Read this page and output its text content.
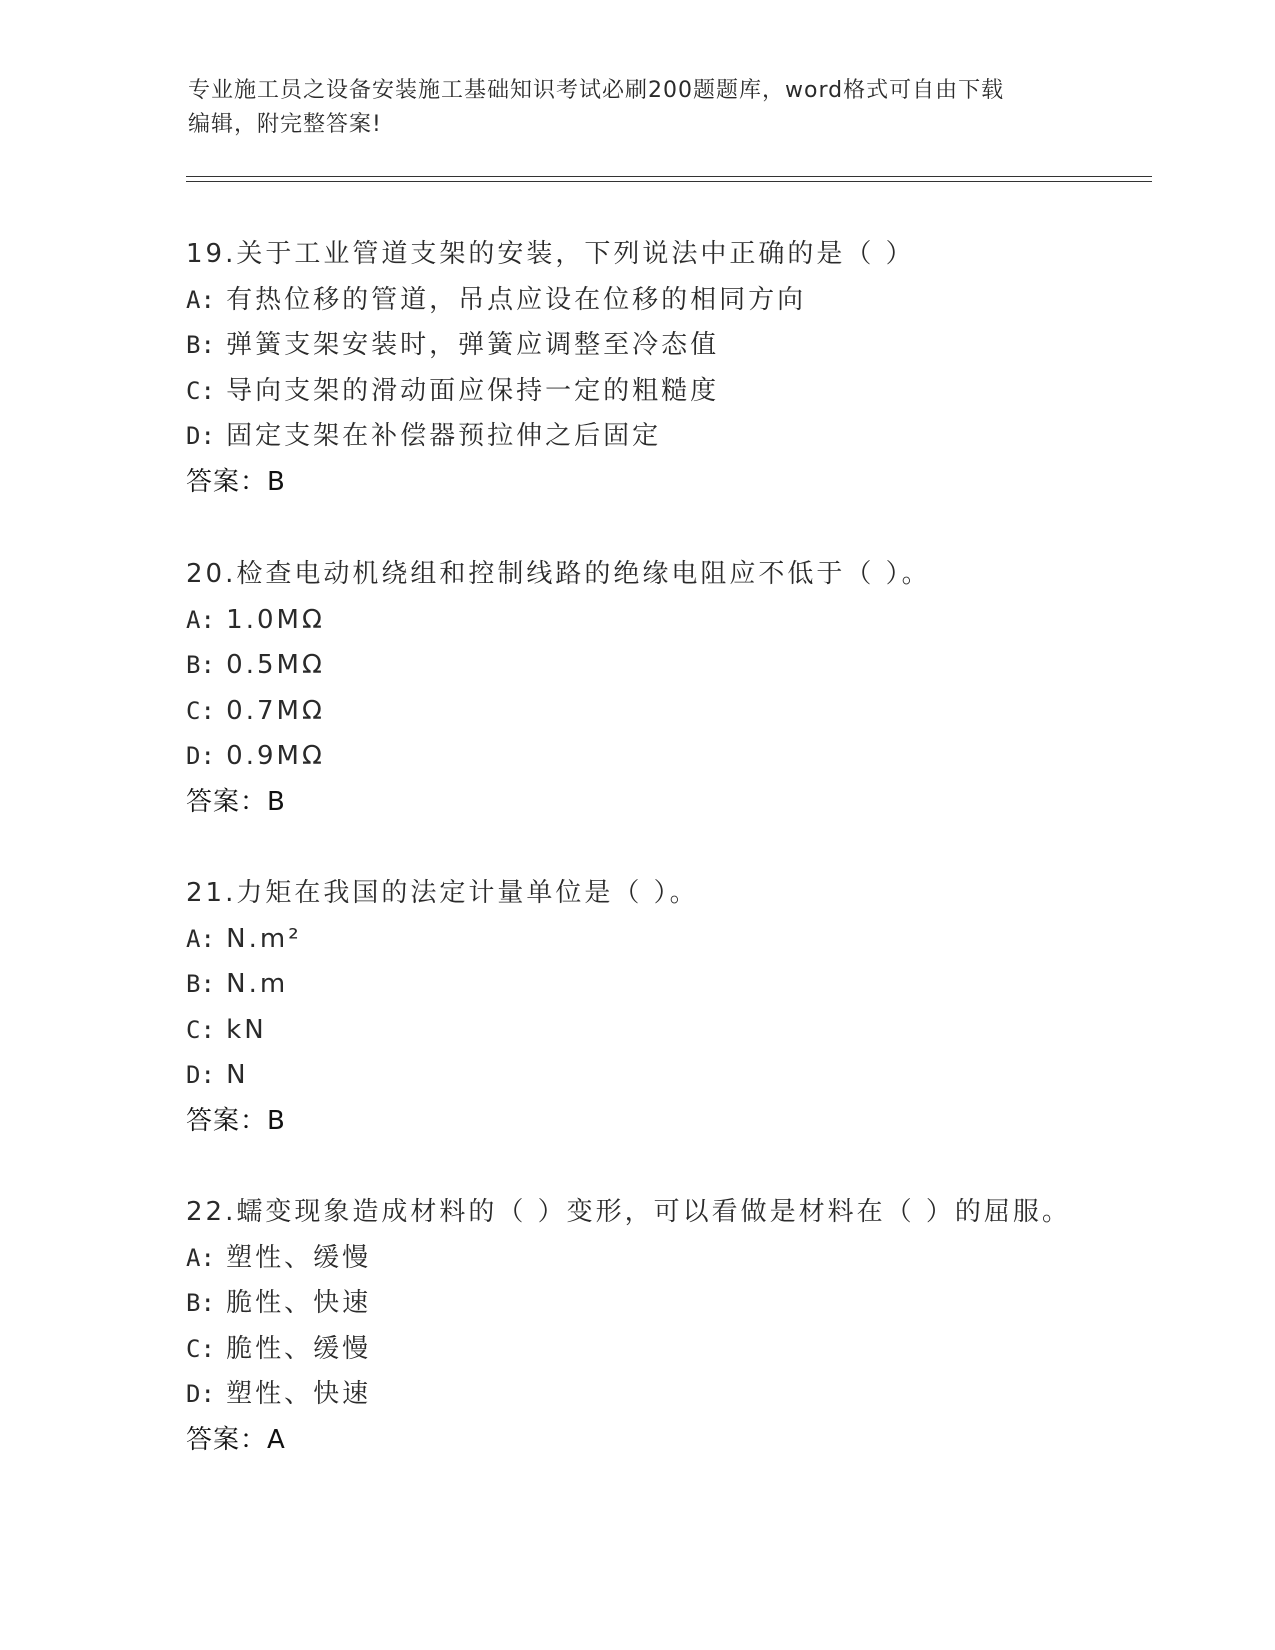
专业施工员之设备安装施工基础知识考试必刷200题题库，word格式可自由下载
编辑，附完整答案!
19.关于工业管道支架的安装，下列说法中正确的是（ ）
A: 有热位移的管道，吊点应设在位移的相同方向
B: 弹簧支架安装时，弹簧应调整至冷态值
C: 导向支架的滑动面应保持一定的粗糙度
D: 固定支架在补偿器预拉伸之后固定
答案：B
20.检查电动机绕组和控制线路的绝缘电阻应不低于（ ）。
A: 1.0MΩ
B: 0.5MΩ
C: 0.7MΩ
D: 0.9MΩ
答案：B
21.力矩在我国的法定计量单位是（ ）。
A: N.m²
B: N.m
C: kN
D: N
答案：B
22.蠕变现象造成材料的（ ）变形，可以看做是材料在（ ）的屈服。
A: 塑性、缓慢
B: 脆性、快速
C: 脆性、缓慢
D: 塑性、快速
答案：A
